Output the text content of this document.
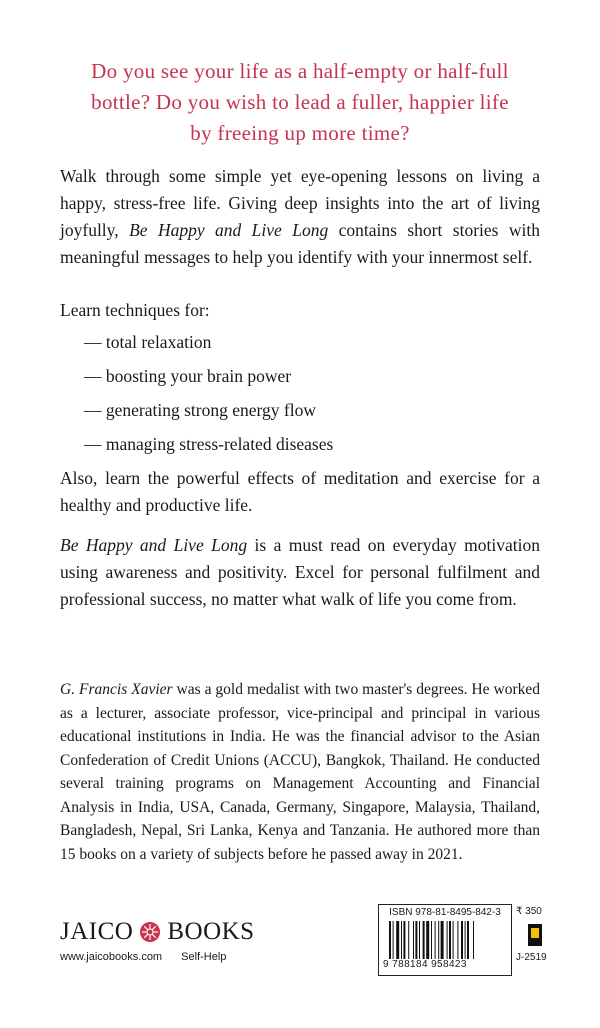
Do you see your life as a half-empty or half-full
bottle? Do you wish to lead a fuller, happier life
by freeing up more time?

Walk through some simple yet eye-opening lessons on living a happy, stress-free life. Giving deep insights into the art of living joyfully, Be Happy and Live Long contains short stories with meaningful messages to help you identify with your innermost self.

Learn techniques for:

— total relaxation
— boosting your brain power
— generating strong energy flow
— managing stress-related diseases

Also, learn the powerful effects of meditation and exercise for a healthy and productive life.

Be Happy and Live Long is a must read on everyday motivation using awareness and positivity. Excel for personal fulfilment and professional success, no matter what walk of life you come from.

G. Francis Xavier was a gold medalist with two master's degrees. He worked as a lecturer, associate professor, vice-principal and principal in various educational institutions in India. He was the financial advisor to the Asian Confederation of Credit Unions (ACCU), Bangkok, Thailand. He conducted several training programs on Management Accounting and Financial Analysis in India, USA, Canada, Germany, Singapore, Malaysia, Thailand, Bangladesh, Nepal, Sri Lanka, Kenya and Tanzania. He authored more than 15 books on a variety of subjects before he passed away in 2021.

JAICO BOOKS
www.jaicobooks.com Self-Help
ISBN 978-81-8495-842-3
9 788184 958423
₹ 350
J-2519
